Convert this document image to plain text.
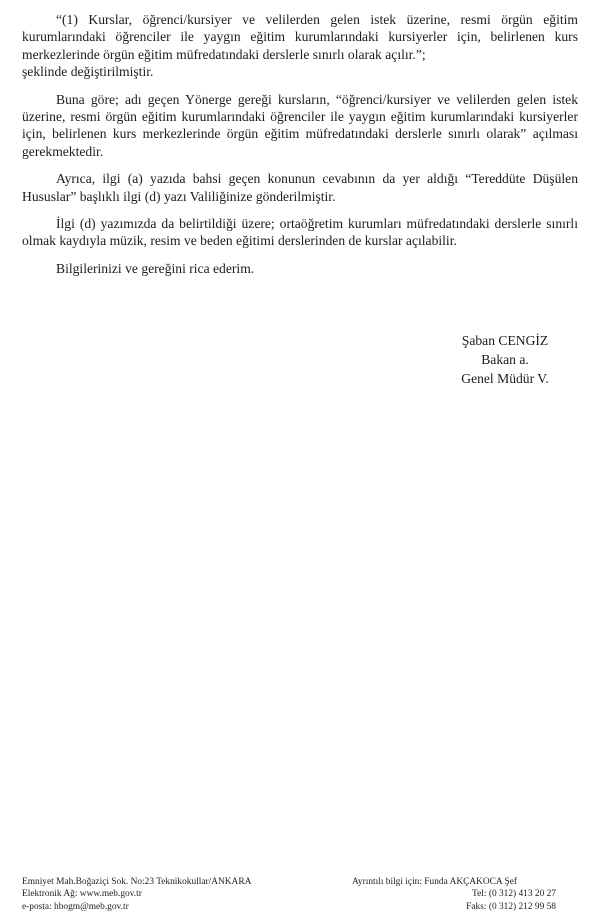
“(1) Kurslar, öğrenci/kursiyer ve velilerden gelen istek üzerine, resmi örgün eğitim kurumlarındaki öğrenciler ile yaygın eğitim kurumlarındaki kursiyerler için, belirlenen kurs merkezlerinde örgün eğitim müfredatındaki derslerle sınırlı olarak açılır.”;

şeklinde değiştirilmiştir.

Buna göre; adı geçen Yönerge gereği kursların, “öğrenci/kursiyer ve velilerden gelen istek üzerine, resmi örgün eğitim kurumlarındaki öğrenciler ile yaygın eğitim kurumlarındaki kursiyerler için, belirlenen kurs merkezlerinde örgün eğitim müfredatındaki derslerle sınırlı olarak” açılması gerekmektedir.

Ayrıca, ilgi (a) yazıda bahsi geçen konunun cevabının da yer aldığı “Tereddüte Düşülen Hususlar” başlıklı ilgi (d) yazı Valiliğinize gönderilmiştir.

İlgi (d) yazımızda da belirtildiği üzere; ortaöğretim kurumları müfredatındaki derslerle sınırlı olmak kaydıyla müzik, resim ve beden eğitimi derslerinden de kurslar açılabilir.

Bilgilerinizi ve gereğini rica ederim.

Şaban CENGİZ
Bakan a.
Genel Müdür V.
Emniyet Mah.Boğaziçi Sok. No:23 Teknikokullar/ANKARA
Elektronik Ağ: www.meb.gov.tr
e-posta: hbogm@meb.gov.tr
Ayrıntılı bilgi için: Funda AKÇAKOCA Şef
Tel: (0 312) 413 20 27
Faks: (0 312) 212 99 58
